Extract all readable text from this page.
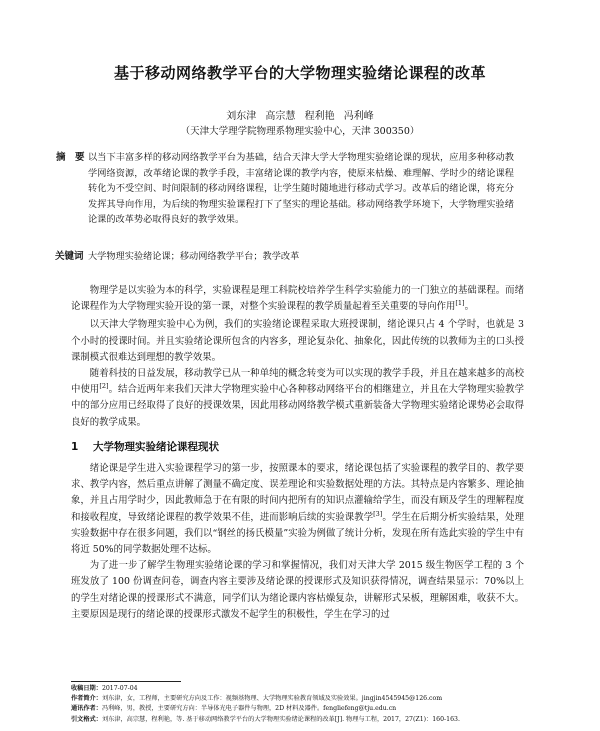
基于移动网络教学平台的大学物理实验绪论课程的改革
刘东津 高宗慧 程利艳 冯利峰
（天津大学理学院物理系物理实验中心，天津 300350）
摘　要 以当下丰富多样的移动网络教学平台为基础，结合天津大学大学物理实验绪论课的现状，应用多种移动教学网络资源，改革绪论课的教学手段，丰富绪论课的教学内容，使原来枯燥、难理解、学时少的绪论课程转化为不受空间、时间限制的移动网络课程，让学生随时随地进行移动式学习。改革后的绪论课，将充分发挥其导向作用，为后续的物理实验课程打下了坚实的理论基础。移动网络教学环境下，大学物理实验绪论课的改革势必取得良好的教学效果。
关键词 大学物理实验绪论课；移动网络教学平台；教学改革

物理学是以实验为本的科学，实验课程是理工科院校培养学生科学实验能力的一门独立的基础课程。而绪论课程作为大学物理实验开设的第一课，对整个实验课程的教学质量起着至关重要的导向作用[1]。

以天津大学物理实验中心为例，我们的实验绪论课程采取大班授课制，绪论课只占 4 个学时，也就是 3 个小时的授课时间。并且实验绪论课所包含的内容多，理论复杂化、抽象化，因此传统的以教师为主的口头授课制模式很难达到理想的教学效果。

随着科技的日益发展，移动教学已从一种单纯的概念转变为可以实现的教学手段，并且在越来越多的高校中使用[2]。结合近两年来我们天津大学物理实验中心各种移动网络平台的相继建立，并且在大学物理实验教学中的部分应用已经取得了良好的授课效果，因此用移动网络教学模式重新装备大学物理实验绪论课势必会取得良好的教学成果。

1 大学物理实验绪论课程现状

绪论课是学生进入实验课程学习的第一步，按照课本的要求，绪论课包括了实验课程的教学目的、教学要求、教学内容，然后重点讲解了测量不确定度、误差理论和实验数据处理的方法。其特点是内容繁多、理论抽象，并且占用学时少，因此教师急于在有限的时间内把所有的知识点灌输给学生，而没有顾及学生的理解程度和接收程度，导致绪论课程的教学效果不佳，进而影响后续的实验课教学[3]。学生在后期分析实验结果，处理实验数据中存在很多问题，我们以“钢丝的扬氏模量”实验为例做了统计分析，发现在所有选此实验的学生中有将近 50%的同学数据处理不达标。

为了进一步了解学生物理实验绪论课的学习和掌握情况，我们对天津大学 2015 级生物医学工程的 3 个班发放了 100 份调查问卷，调查内容主要涉及绪论课的授课形式及知识获得情况，调查结果显示：70%以上的学生对绪论课的授课形式不满意，同学们认为绪论课内容枯燥复杂，讲解形式呆板，理解困难，收获不大。主要原因是现行的绪论课的授课形式激发不起学生的积极性，学生在学习的过

收稿日期：2017-07-04
作者简介：刘东津，女，工程师，主要研究方向及工作：视频基物理、大学物理实验教育领域及实验效果。jingjin4545945@126.com
通讯作者：冯利峰，男，教授，主要研究方向：半导体光电子器件与物理，2D 材料及器件。fengliefeng@tju.edu.cn
引文格式：刘东津，高宗慧，程利艳，等. 基于移动网络教学平台的大学物理实验绪论课程的改革[J]. 物理与工程，2017，27(Z1)：160-163.
